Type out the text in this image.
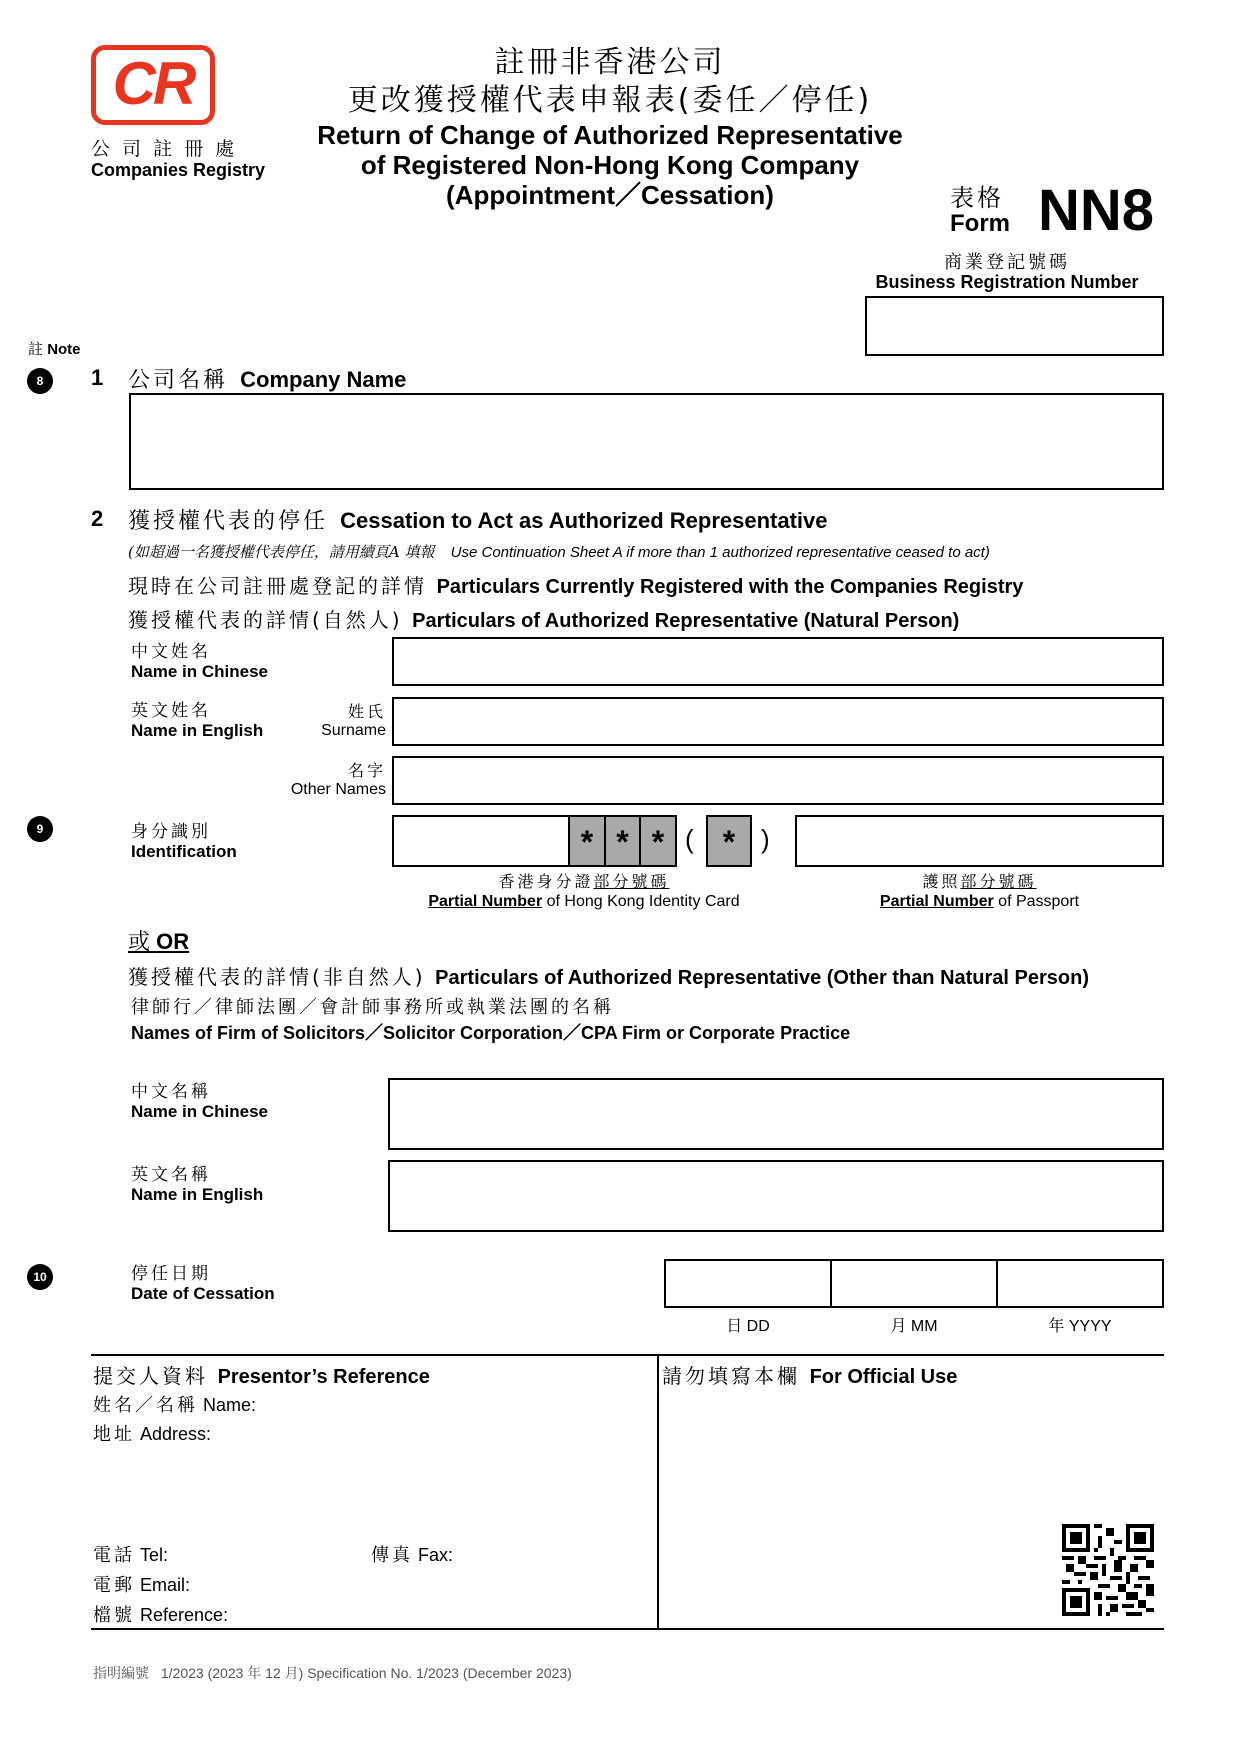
CR
公 司 註 冊 處
Companies Registry
註冊非香港公司
更改獲授權代表申報表(委任／停任)
Return of Change of Authorized Representative
of Registered Non-Hong Kong Company
(Appointment／Cessation)	表格
Form NN8
商業登記號碼
Business Registration Number
註 Note
8	1 公司名稱 Company Name
2 獲授權代表的停任 Cessation to Act as Authorized Representative
(如超過一名獲授權代表停任，請用續頁A 填報 Use Continuation Sheet A if more than 1 authorized representative ceased to act)
現時在公司註冊處登記的詳情 Particulars Currently Registered with the Companies Registry
獲授權代表的詳情(自然人) Particulars of Authorized Representative (Natural Person)
中文姓名
Name in Chinese
英文姓名
Name in English
姓氏
Surname
名字
Other Names
9	身分識別
Identification	* * * ( * )
香港身分證部分號碼
Partial Number of Hong Kong Identity Card
護照部分號碼
Partial Number of Passport
或 OR
獲授權代表的詳情(非自然人) Particulars of Authorized Representative (Other than Natural Person)
律師行／律師法團／會計師事務所或執業法團的名稱
Names of Firm of Solicitors／Solicitor Corporation／CPA Firm or Corporate Practice
中文名稱
Name in Chinese
英文名稱
Name in English
10	停任日期
Date of Cessation
日 DD	月 MM	年 YYYY
提交人資料 Presentor’s Reference
姓名／名稱 Name:
地址 Address:
電話 Tel:	傳真 Fax:
電郵 Email:
檔號 Reference:
請勿填寫本欄 For Official Use
指明編號 1/2023 (2023 年 12 月) Specification No. 1/2023 (December 2023)
